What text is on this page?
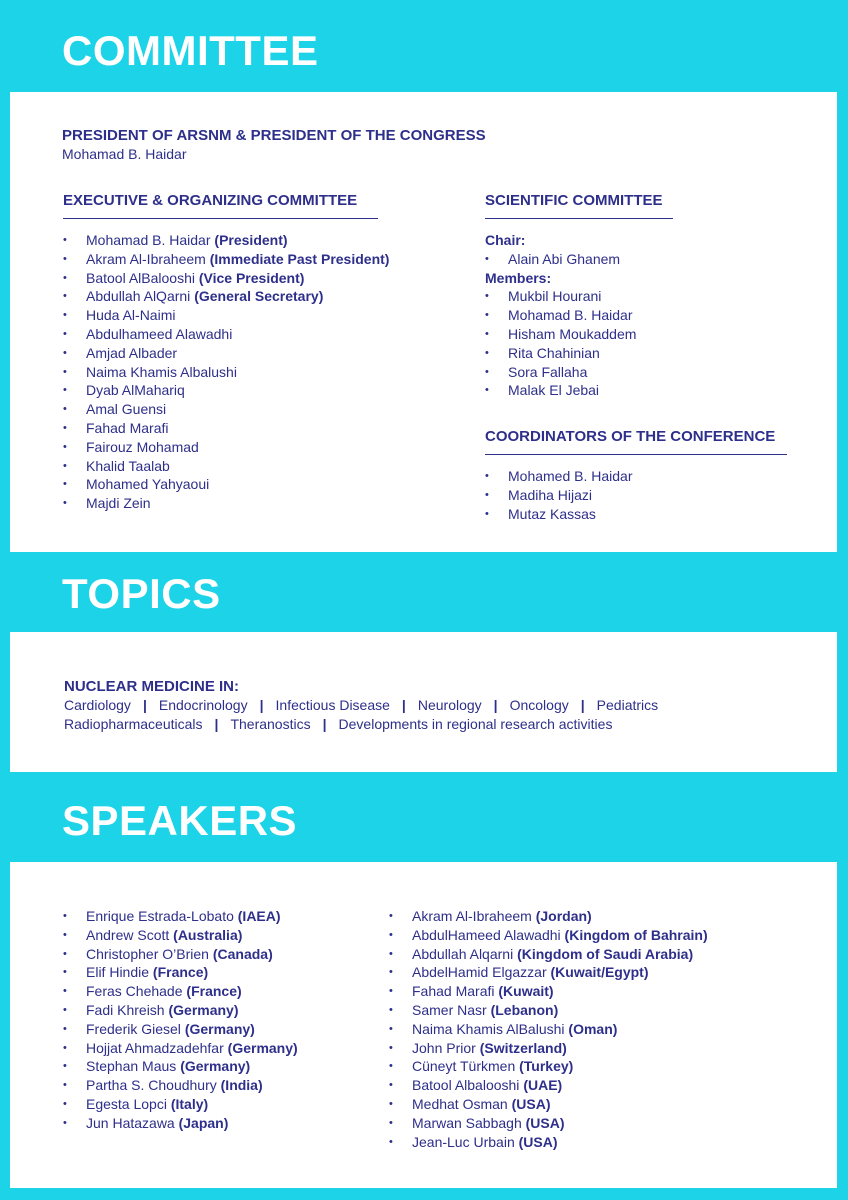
COMMITTEE

PRESIDENT OF ARSNM & PRESIDENT OF THE CONGRESS

Mohamad B. Haidar

EXECUTIVE & ORGANIZING COMMITTEE

• Mohamad B. Haidar (President)
• Akram Al-Ibraheem (Immediate Past President)
• Batool AlBalooshi (Vice President)
• Abdullah AlQarni (General Secretary)
• Huda Al-Naimi
• Abdulhameed Alawadhi
• Amjad Albader
• Naima Khamis Albalushi
• Dyab AlMahariq
• Amal Guensi
• Fahad Marafi
• Fairouz Mohamad
• Khalid Taalab
• Mohamed Yahyaoui
• Majdi Zein

SCIENTIFIC COMMITTEE

Chair:

• Alain Abi Ghanem

Members:

• Mukbil Hourani
• Mohamad B. Haidar
• Hisham Moukaddem
• Rita Chahinian
• Sora Fallaha
• Malak El Jebai

COORDINATORS OF THE CONFERENCE

• Mohamed B. Haidar
• Madiha Hijazi
• Mutaz Kassas
TOPICS

NUCLEAR MEDICINE IN:

Cardiology | Endocrinology | Infectious Disease | Neurology | Oncology | Pediatrics
Radiopharmaceuticals | Theranostics | Developments in regional research activities
SPEAKERS
• Enrique Estrada-Lobato (IAEA)
• Andrew Scott (Australia)
• Christopher O’Brien (Canada)
• Elif Hindie (France)
• Feras Chehade (France)
• Fadi Khreish (Germany)
• Frederik Giesel (Germany)
• Hojjat Ahmadzadehfar (Germany)
• Stephan Maus (Germany)
• Partha S. Choudhury (India)
• Egesta Lopci (Italy)
• Jun Hatazawa (Japan)
• Akram Al-Ibraheem (Jordan)
• AbdulHameed Alawadhi (Kingdom of Bahrain)
• Abdullah Alqarni (Kingdom of Saudi Arabia)
• AbdelHamid Elgazzar (Kuwait/Egypt)
• Fahad Marafi (Kuwait)
• Samer Nasr (Lebanon)
• Naima Khamis AlBalushi (Oman)
• John Prior (Switzerland)
• Cüneyt Türkmen (Turkey)
• Batool Albalooshi (UAE)
• Medhat Osman (USA)
• Marwan Sabbagh (USA)
• Jean-Luc Urbain (USA)
